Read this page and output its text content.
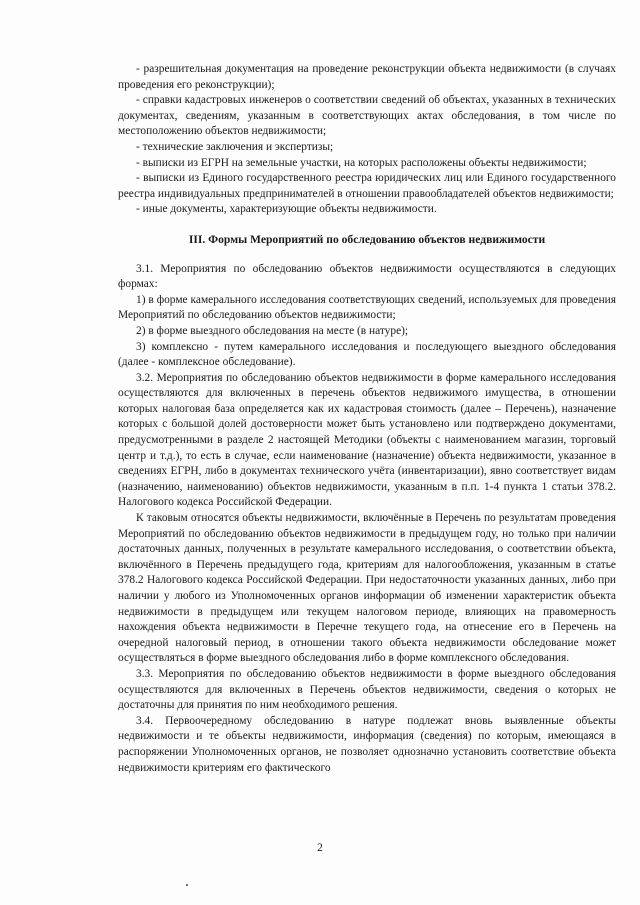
- разрешительная документация на проведение реконструкции объекта недвижимости (в случаях проведения его реконструкции);

- справки кадастровых инженеров о соответствии сведений об объектах, указанных в технических документах, сведениям, указанным в соответствующих актах обследования, в том числе по местоположению объектов недвижимости;

- технические заключения и экспертизы;

- выписки из ЕГРН на земельные участки, на которых расположены объекты недвижимости;

- выписки из Единого государственного реестра юридических лиц или Единого государственного реестра индивидуальных предпринимателей в отношении правообладателей объектов недвижимости;

- иные документы, характеризующие объекты недвижимости.

III. Формы Мероприятий по обследованию объектов недвижимости

3.1. Мероприятия по обследованию объектов недвижимости осуществляются в следующих формах:

1) в форме камерального исследования соответствующих сведений, используемых для проведения Мероприятий по обследованию объектов недвижимости;

2) в форме выездного обследования на месте (в натуре);

3) комплексно - путем камерального исследования и последующего выездного обследования (далее - комплексное обследование).

3.2. Мероприятия по обследованию объектов недвижимости в форме камерального исследования осуществляются для включенных в перечень объектов недвижимого имущества, в отношении которых налоговая база определяется как их кадастровая стоимость (далее – Перечень), назначение которых с большой долей достоверности может быть установлено или подтверждено документами, предусмотренными в разделе 2 настоящей Методики (объекты с наименованием магазин, торговый центр и т.д.), то есть в случае, если наименование (назначение) объекта недвижимости, указанное в сведениях ЕГРН, либо в документах технического учёта (инвентаризации), явно соответствует видам (назначению, наименованию) объектов недвижимости, указанным в п.п. 1-4 пункта 1 статьи 378.2. Налогового кодекса Российской Федерации.

К таковым относятся объекты недвижимости, включённые в Перечень по результатам проведения Мероприятий по обследованию объектов недвижимости в предыдущем году, но только при наличии достаточных данных, полученных в результате камерального исследования, о соответствии объекта, включённого в Перечень предыдущего года, критериям для налогообложения, указанным в статье 378.2 Налогового кодекса Российской Федерации. При недостаточности указанных данных, либо при наличии у любого из Уполномоченных органов информации об изменении характеристик объекта недвижимости в предыдущем или текущем налоговом периоде, влияющих на правомерность нахождения объекта недвижимости в Перечне текущего года, на отнесение его в Перечень на очередной налоговый период, в отношении такого объекта недвижимости обследование может осуществляться в форме выездного обследования либо в форме комплексного обследования.

3.3. Мероприятия по обследованию объектов недвижимости в форме выездного обследования осуществляются для включенных в Перечень объектов недвижимости, сведения о которых не достаточны для принятия по ним необходимого решения.

3.4. Первоочередному обследованию в натуре подлежат вновь выявленные объекты недвижимости и те объекты недвижимости, информация (сведения) по которым, имеющаяся в распоряжении Уполномоченных органов, не позволяет однозначно установить соответствие объекта недвижимости критериям его фактического

2
